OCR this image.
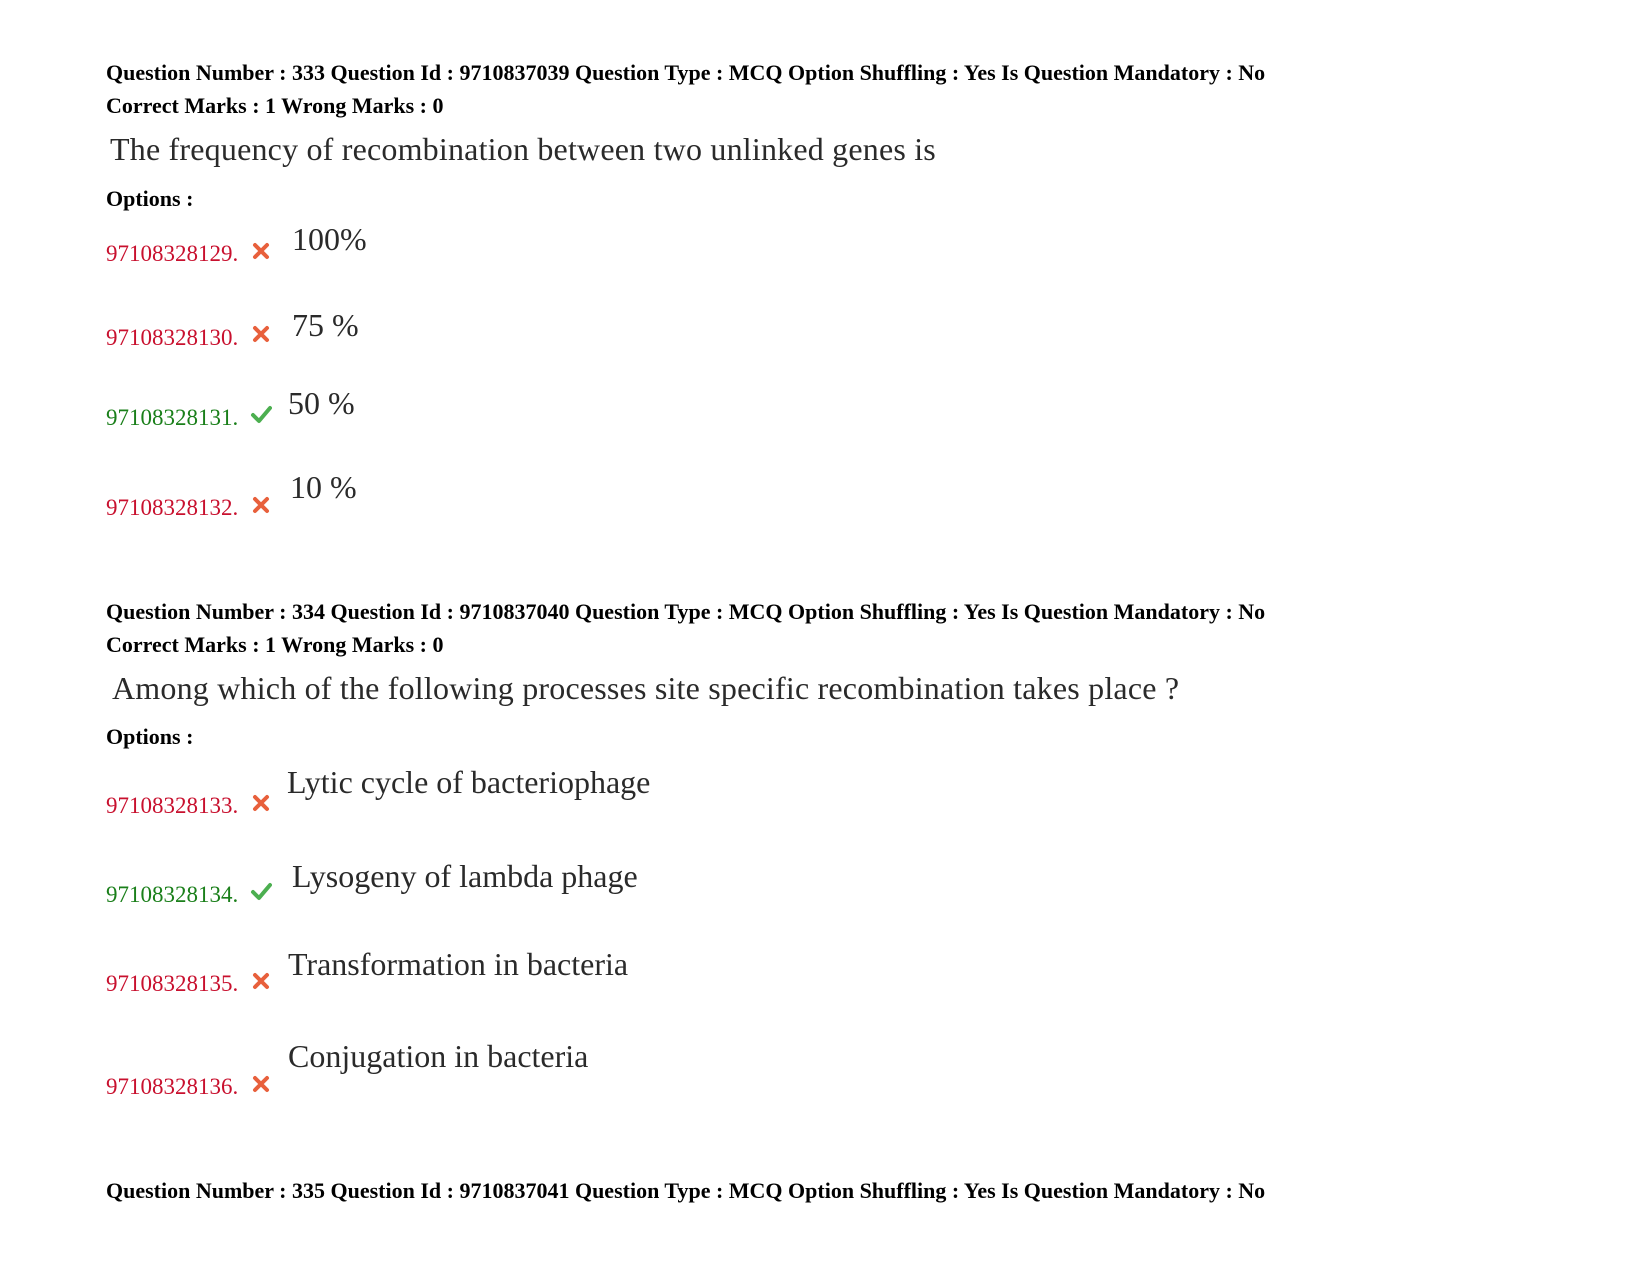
Question Number : 333 Question Id : 9710837039 Question Type : MCQ Option Shuffling : Yes Is Question Mandatory : No
Correct Marks : 1 Wrong Marks : 0
The frequency of recombination between two unlinked genes is
Options :
97108328129. 100%
97108328130. 75 %
97108328131. 50 %
97108328132.
10 %
Question Number : 334 Question Id : 9710837040 Question Type : MCQ Option Shuffling : Yes Is Question Mandatory : No
Correct Marks : 1 Wrong Marks : 0
Among which of the following processes site specific recombination takes place ?
Options :
97108328133.
Lytic cycle of bacteriophage
97108328134.
Lysogeny of lambda phage
97108328135.
Transformation in bacteria
97108328136.
Conjugation in bacteria
Question Number : 335 Question Id : 9710837041 Question Type : MCQ Option Shuffling : Yes Is Question Mandatory : No
